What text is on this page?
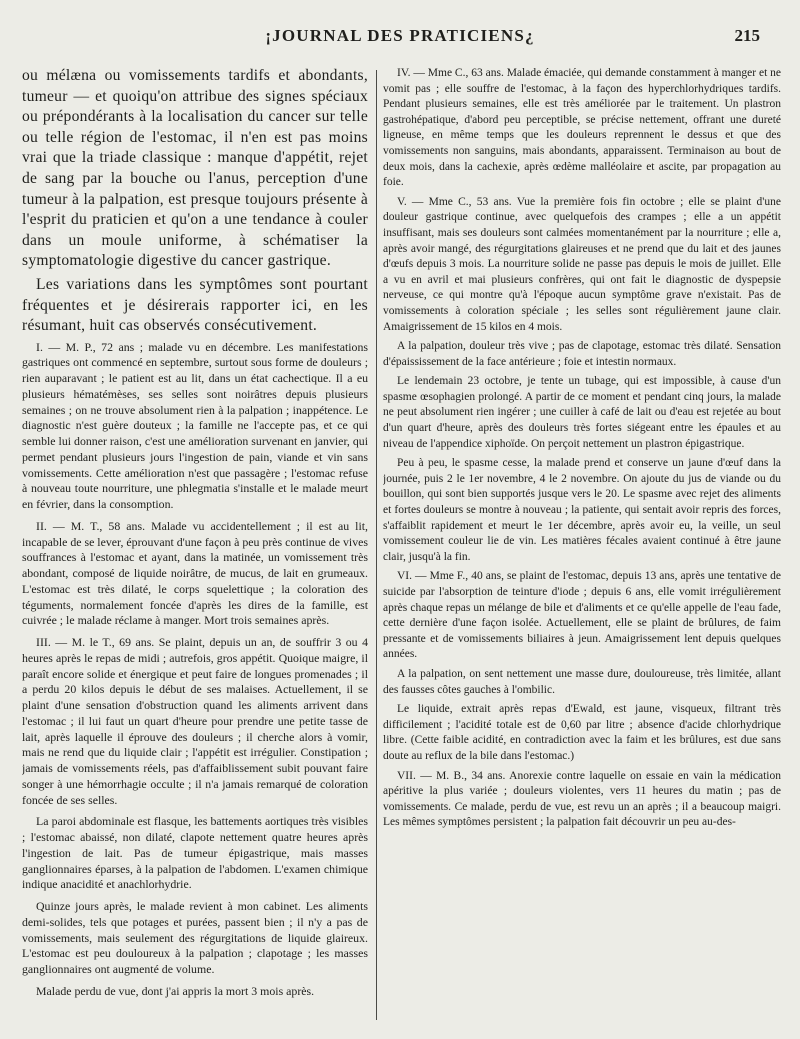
¡JOURNAL DES PRATICIENS¿	215

ou mélæna ou vomissements tardifs et abondants, tumeur — et quoiqu'on attribue des signes spéciaux ou prépondérants à la localisation du cancer sur telle ou telle région de l'estomac, il n'en est pas moins vrai que la triade classique : manque d'appétit, rejet de sang par la bouche ou l'anus, perception d'une tumeur à la palpation, est presque toujours présente à l'esprit du praticien et qu'on a une tendance à couler dans un moule uniforme, à schématiser la symptomatologie digestive du cancer gastrique.

Les variations dans les symptômes sont pourtant fréquentes et je désirerais rapporter ici, en les résumant, huit cas observés consécutivement.

I. — M. P., 72 ans ; malade vu en décembre. Les manifestations gastriques ont commencé en septembre, surtout sous forme de douleurs ; rien auparavant ; le patient est au lit, dans un état cachectique. Il a eu plusieurs hématémèses, ses selles sont noirâtres depuis plusieurs semaines ; on ne trouve absolument rien à la palpation ; inappétence. Le diagnostic n'est guère douteux ; la famille ne l'accepte pas, et ce qui semble lui donner raison, c'est une amélioration survenant en janvier, qui permet pendant plusieurs jours l'ingestion de pain, viande et vin sans vomissements. Cette amélioration n'est que passagère ; l'estomac refuse à nouveau toute nourriture, une phlegmatia s'installe et le malade meurt en février, dans la consomption.

II. — M. T., 58 ans. Malade vu accidentellement ; il est au lit, incapable de se lever, éprouvant d'une façon à peu près continue de vives souffrances à l'estomac et ayant, dans la matinée, un vomissement très abondant, composé de liquide noirâtre, de mucus, de lait en grumeaux. L'estomac est très dilaté, le corps squelettique ; la coloration des téguments, normalement foncée d'après les dires de la famille, est cuivrée ; le malade réclame à manger. Mort trois semaines après.

III. — M. le T., 69 ans. Se plaint, depuis un an, de souffrir 3 ou 4 heures après le repas de midi ; autrefois, gros appétit. Quoique maigre, il paraît encore solide et énergique et peut faire de longues promenades ; il a perdu 20 kilos depuis le début de ses malaises. Actuellement, il se plaint d'une sensation d'obstruction quand les aliments arrivent dans l'estomac ; il lui faut un quart d'heure pour prendre une petite tasse de lait, après laquelle il éprouve des douleurs ; il cherche alors à vomir, mais ne rend que du liquide clair ; l'appétit est irrégulier. Constipation ; jamais de vomissements réels, pas d'affaiblissement subit pouvant faire songer à une hémorrhagie occulte ; il n'a jamais remarqué de coloration foncée de ses selles.

La paroi abdominale est flasque, les battements aortiques très visibles ; l'estomac abaissé, non dilaté, clapote nettement quatre heures après l'ingestion de lait. Pas de tumeur épigastrique, mais masses ganglionnaires éparses, à la palpation de l'abdomen. L'examen chimique indique anacidité et anachlorhydrie.

Quinze jours après, le malade revient à mon cabinet. Les aliments demi-solides, tels que potages et purées, passent bien ; il n'y a pas de vomissements, mais seulement des régurgitations de liquide glaireux. L'estomac est peu douloureux à la palpation ; clapotage ; les masses ganglionnaires ont augmenté de volume.

Malade perdu de vue, dont j'ai appris la mort 3 mois après.

IV. — Mme C., 63 ans. Malade émaciée, qui demande constamment à manger et ne vomit pas ; elle souffre de l'estomac, à la façon des hyperchlorhydriques tardifs. Pendant plusieurs semaines, elle est très améliorée par le traitement. Un plastron gastrohépatique, d'abord peu perceptible, se précise nettement, offrant une dureté ligneuse, en même temps que les douleurs reprennent le dessus et que des vomissements non sanguins, mais abondants, apparaissent. Terminaison au bout de deux mois, dans la cachexie, après œdème malléolaire et ascite, par propagation au foie.

V. — Mme C., 53 ans. Vue la première fois fin octobre ; elle se plaint d'une douleur gastrique continue, avec quelquefois des crampes ; elle a un appétit insuffisant, mais ses douleurs sont calmées momentanément par la nourriture ; elle a, après avoir mangé, des régurgitations glaireuses et ne prend que du lait et des jaunes d'œufs depuis 3 mois. La nourriture solide ne passe pas depuis le mois de juillet. Elle a vu en avril et mai plusieurs confrères, qui ont fait le diagnostic de dyspepsie nerveuse, ce qui montre qu'à l'époque aucun symptôme grave n'existait. Pas de vomissements à coloration spéciale ; les selles sont régulièrement jaune clair. Amaigrissement de 15 kilos en 4 mois.

A la palpation, douleur très vive ; pas de clapotage, estomac très dilaté. Sensation d'épaississement de la face antérieure ; foie et intestin normaux.

Le lendemain 23 octobre, je tente un tubage, qui est impossible, à cause d'un spasme œsophagien prolongé. A partir de ce moment et pendant cinq jours, la malade ne peut absolument rien ingérer ; une cuiller à café de lait ou d'eau est rejetée au bout d'un quart d'heure, après des douleurs très fortes siégeant entre les épaules et au niveau de l'appendice xiphoïde. On perçoit nettement un plastron épigastrique.

Peu à peu, le spasme cesse, la malade prend et conserve un jaune d'œuf dans la journée, puis 2 le 1er novembre, 4 le 2 novembre. On ajoute du jus de viande ou du bouillon, qui sont bien supportés jusque vers le 20. Le spasme avec rejet des aliments et fortes douleurs se montre à nouveau ; la patiente, qui sentait avoir repris des forces, s'affaiblit rapidement et meurt le 1er décembre, après avoir eu, la veille, un seul vomissement couleur lie de vin. Les matières fécales avaient continué à être jaune clair, jusqu'à la fin.

VI. — Mme F., 40 ans, se plaint de l'estomac, depuis 13 ans, après une tentative de suicide par l'absorption de teinture d'iode ; depuis 6 ans, elle vomit irrégulièrement après chaque repas un mélange de bile et d'aliments et ce qu'elle appelle de l'eau fade, cette dernière d'une façon isolée. Actuellement, elle se plaint de brûlures, de faim pressante et de vomissements biliaires à jeun. Amaigrissement lent depuis quelques années.

A la palpation, on sent nettement une masse dure, douloureuse, très limitée, allant des fausses côtes gauches à l'ombilic.

Le liquide, extrait après repas d'Ewald, est jaune, visqueux, filtrant très difficilement ; l'acidité totale est de 0,60 par litre ; absence d'acide chlorhydrique libre. (Cette faible acidité, en contradiction avec la faim et les brûlures, est due sans doute au reflux de la bile dans l'estomac.)

VII. — M. B., 34 ans. Anorexie contre laquelle on essaie en vain la médication apéritive la plus variée ; douleurs violentes, vers 11 heures du matin ; pas de vomissements. Ce malade, perdu de vue, est revu un an après ; il a beaucoup maigri. Les mêmes symptômes persistent ; la palpation fait découvrir un peu au-des-
